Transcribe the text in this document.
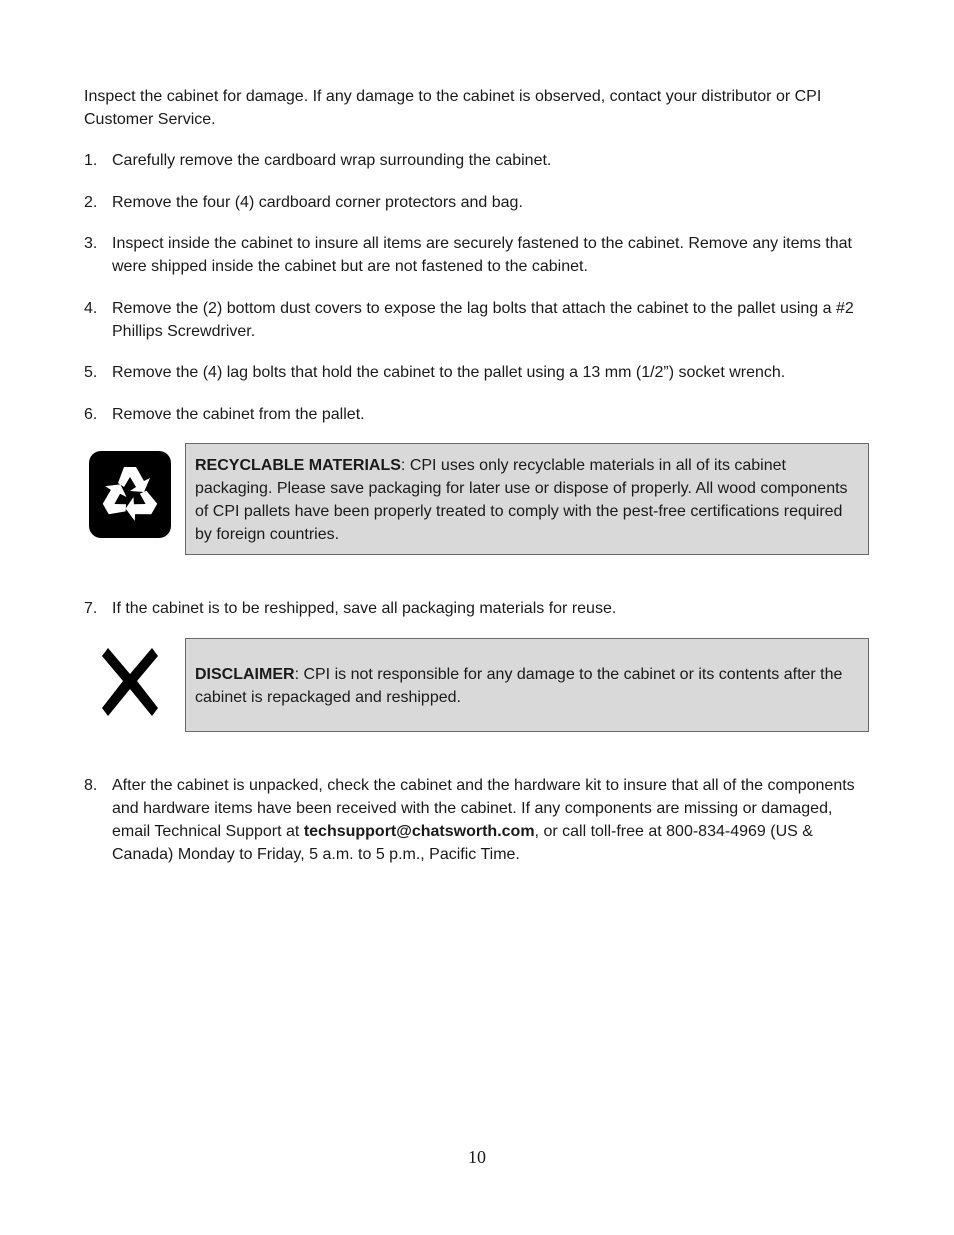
Inspect the cabinet for damage. If any damage to the cabinet is observed, contact your distributor or CPI Customer Service.

1. Carefully remove the cardboard wrap surrounding the cabinet.
2. Remove the four (4) cardboard corner protectors and bag.
3. Inspect inside the cabinet to insure all items are securely fastened to the cabinet. Remove any items that were shipped inside the cabinet but are not fastened to the cabinet.
4. Remove the (2) bottom dust covers to expose the lag bolts that attach the cabinet to the pallet using a #2 Phillips Screwdriver.
5. Remove the (4) lag bolts that hold the cabinet to the pallet using a 13 mm (1/2”) socket wrench.
6. Remove the cabinet from the pallet.
RECYCLABLE MATERIALS: CPI uses only recyclable materials in all of its cabinet packaging. Please save packaging for later use or dispose of properly. All wood components of CPI pallets have been properly treated to comply with the pest-free certifications required by foreign countries.
7. If the cabinet is to be reshipped, save all packaging materials for reuse.
DISCLAIMER: CPI is not responsible for any damage to the cabinet or its contents after the cabinet is repackaged and reshipped.
8. After the cabinet is unpacked, check the cabinet and the hardware kit to insure that all of the components and hardware items have been received with the cabinet. If any components are missing or damaged, email Technical Support at techsupport@chatsworth.com, or call toll-free at 800-834-4969 (US & Canada) Monday to Friday, 5 a.m. to 5 p.m., Pacific Time.
10
